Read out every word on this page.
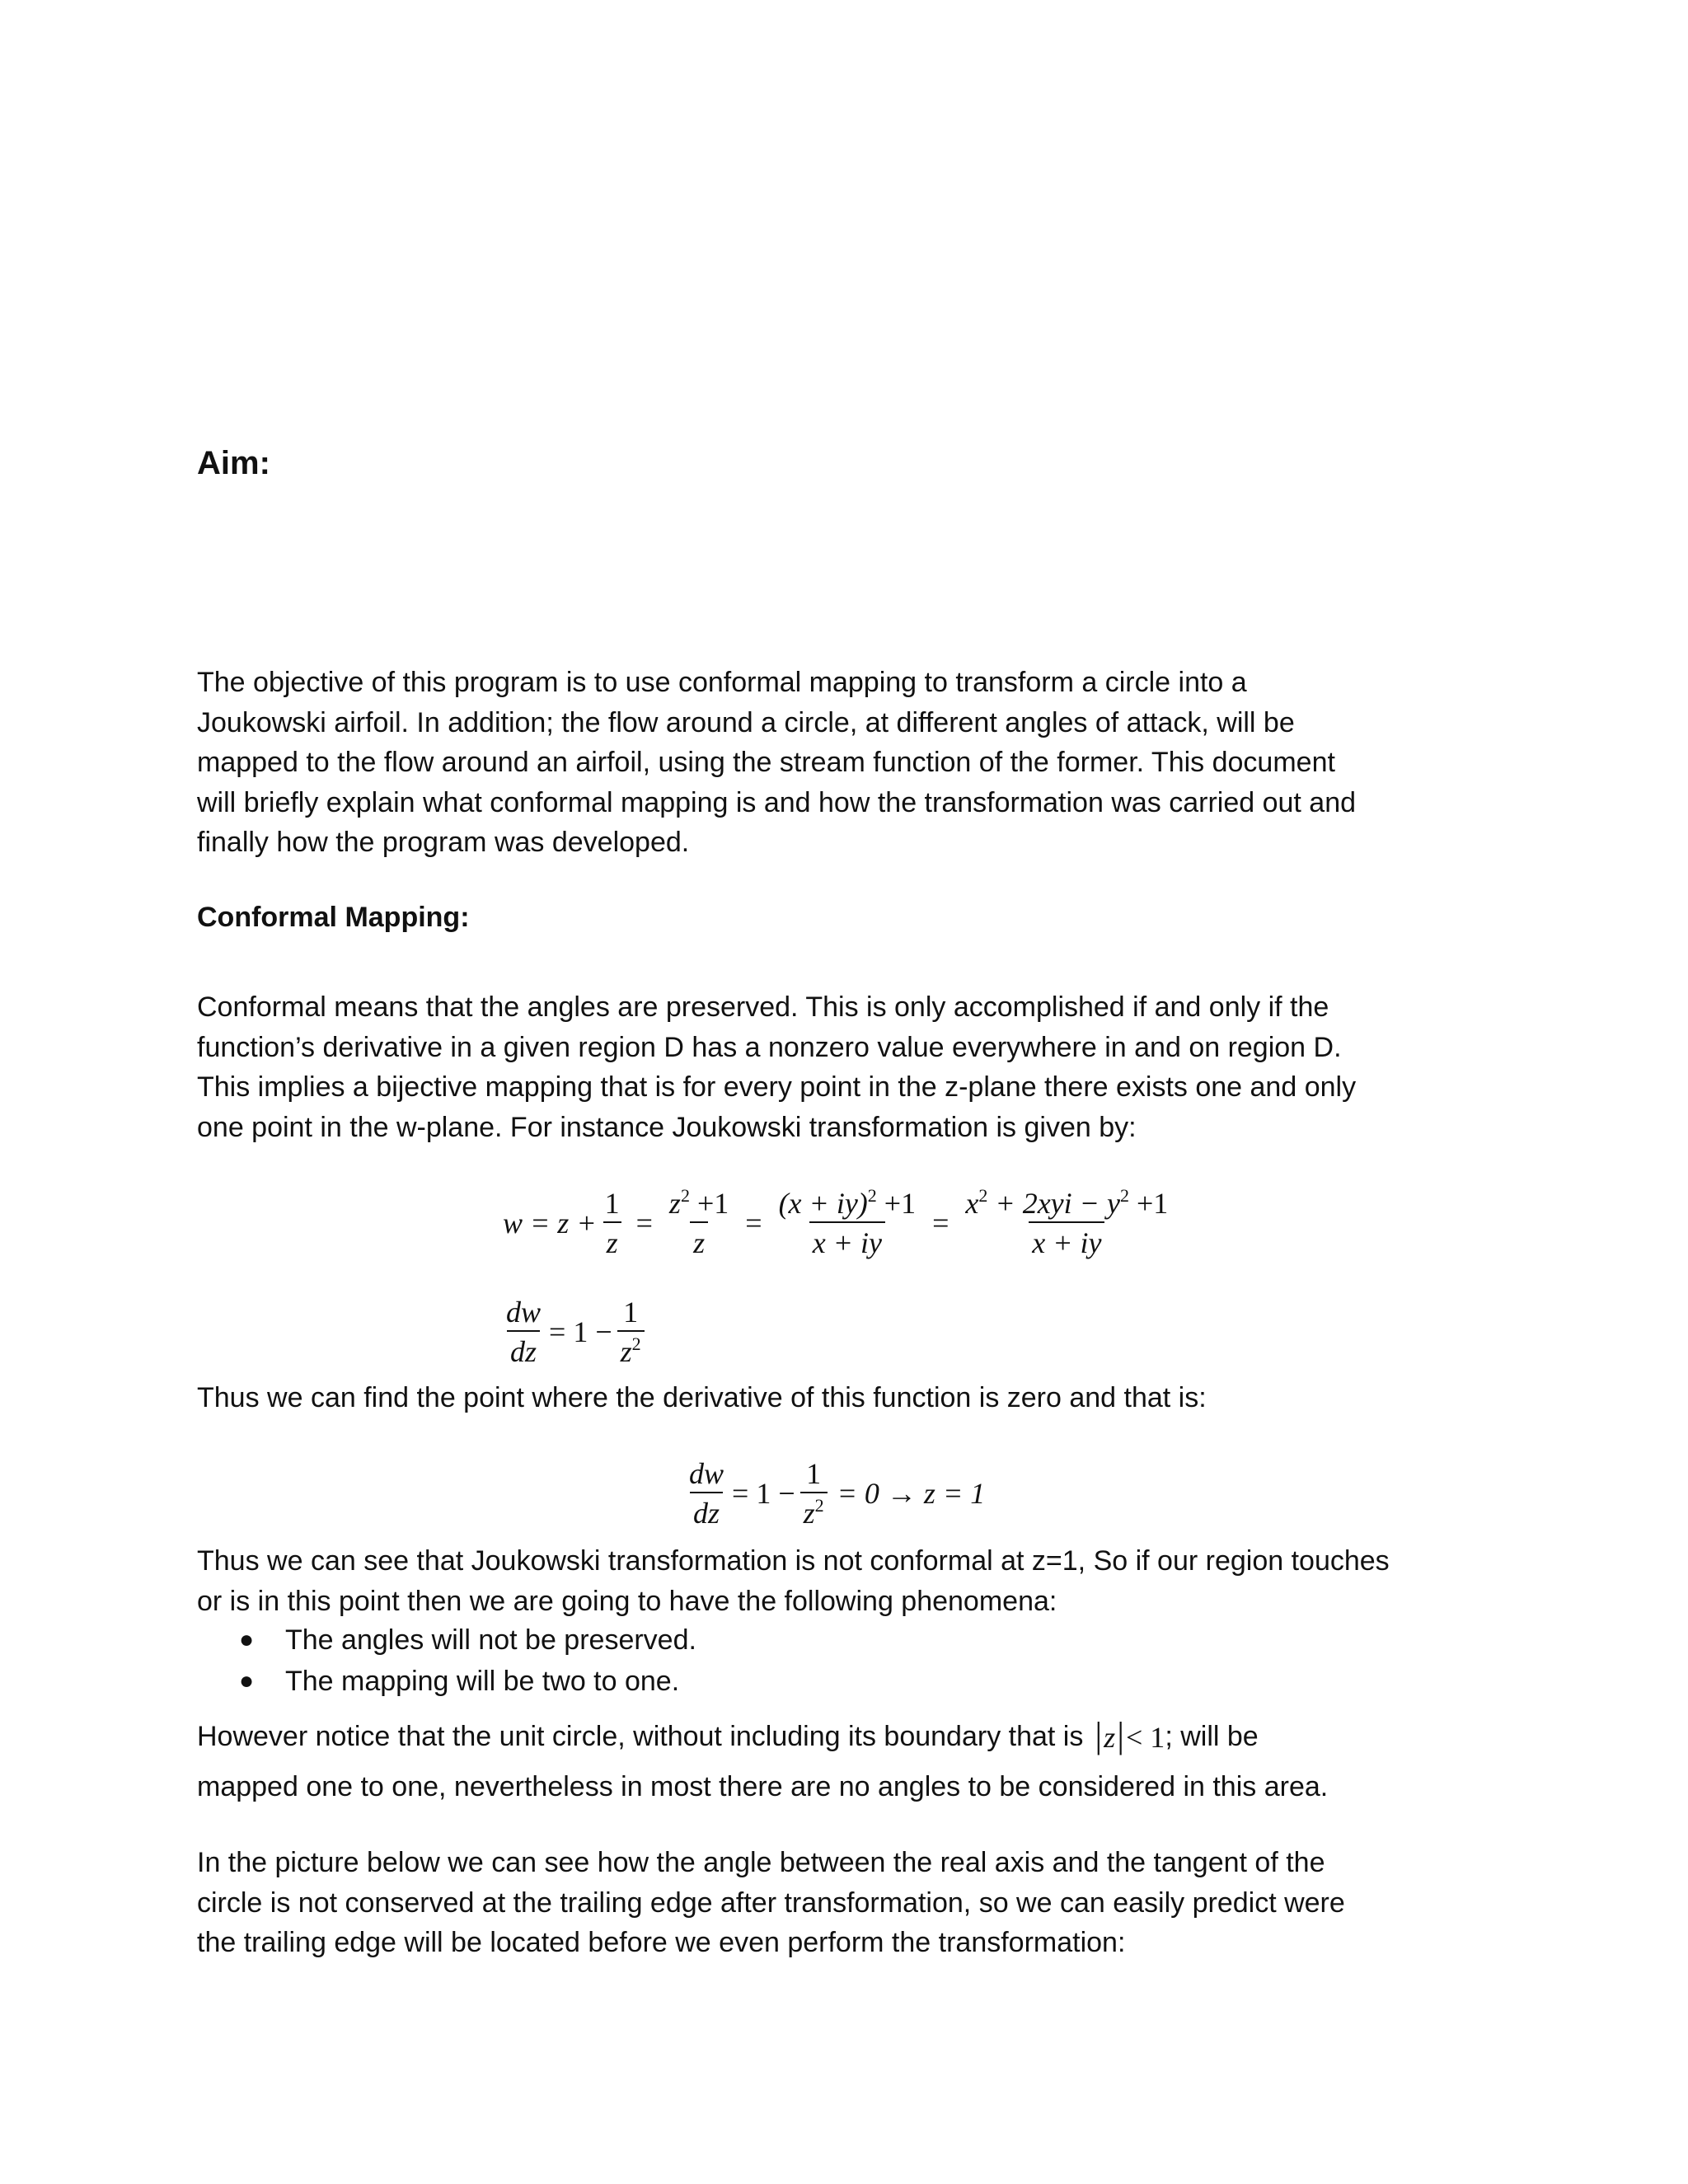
Aim:
The objective of this program is to use conformal mapping to transform a circle into a
Joukowski airfoil. In addition; the flow around a circle, at different angles of attack, will be
mapped to the flow around an airfoil, using the stream function of the former. This document
will briefly explain what conformal mapping is and how the transformation was carried out and
finally how the program was developed.
Conformal Mapping:
Conformal means that the angles are preserved. This is only accomplished if and only if the
function’s derivative in a given region D has a nonzero value everywhere in and on region D.
This implies a bijective mapping that is for every point in the z-plane there exists one and only
one point in the w-plane. For instance Joukowski transformation is given by:
$w = z + \frac{1}{z} = \frac{z^2 +1}{z} = \frac{(x + iy)^2 +1}{x + iy} = \frac{x^2 + 2xyi - y^2 +1}{x + iy}$
$\frac{dw}{dz} = 1 - \frac{1}{z^2}$
Thus we can find the point where the derivative of this function is zero and that is:
$\frac{dw}{dz} = 1 - \frac{1}{z^2} = 0 \to z = 1$
Thus we can see that Joukowski transformation is not conformal at z=1, So if our region touches
or is in this point then we are going to have the following phenomena:
●	The angles will not be preserved.
●	The mapping will be two to one.
However notice that the unit circle, without including its boundary that is |z|< 1 ; will be
mapped one to one, nevertheless in most there are no angles to be considered in this area.
In the picture below we can see how the angle between the real axis and the tangent of the
circle is not conserved at the trailing edge after transformation, so we can easily predict were
the trailing edge will be located before we even perform the transformation:
